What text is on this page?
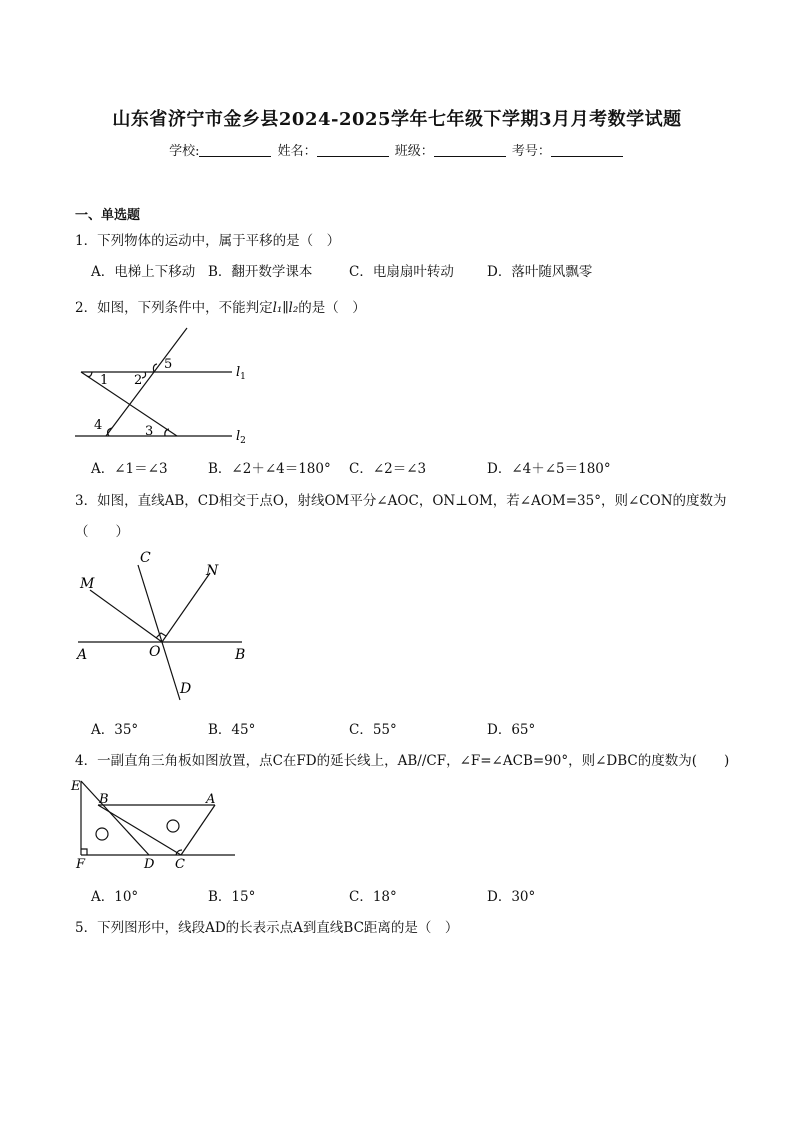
山东省济宁市金乡县2024-2025学年七年级下学期3月月考数学试题
学校:	姓名：	班级：	考号：
一、单选题
1．下列物体的运动中，属于平移的是（　）
A．电梯上下移动 B．翻开数学课本	C．电扇扇叶转动 D．落叶随风飘零
2．如图，下列条件中，不能判定l₁∥l₂的是（　）
1 2
5
4	3
$l_1$
$l_2$
A．∠1＝∠3	B．∠2＋∠4＝180° C．∠2＝∠3	D．∠4＋∠5＝180°
3．如图，直线AB，CD相交于点O，射线OM平分∠AOC，ON⊥OM，若∠AOM=35°，则∠CON的度数为
（　　）
C
N
M
A	O	B
D
A．35°	B．45°	C．55°	D．65°
4．一副直角三角板如图放置，点C在FD的延长线上，AB//CF，∠F=∠ACB=90°，则∠DBC的度数为(　　)
E
B	A
F	D C
A．10°	B．15°	C．18°	D．30°
5．下列图形中，线段AD的长表示点A到直线BC距离的是（　）
